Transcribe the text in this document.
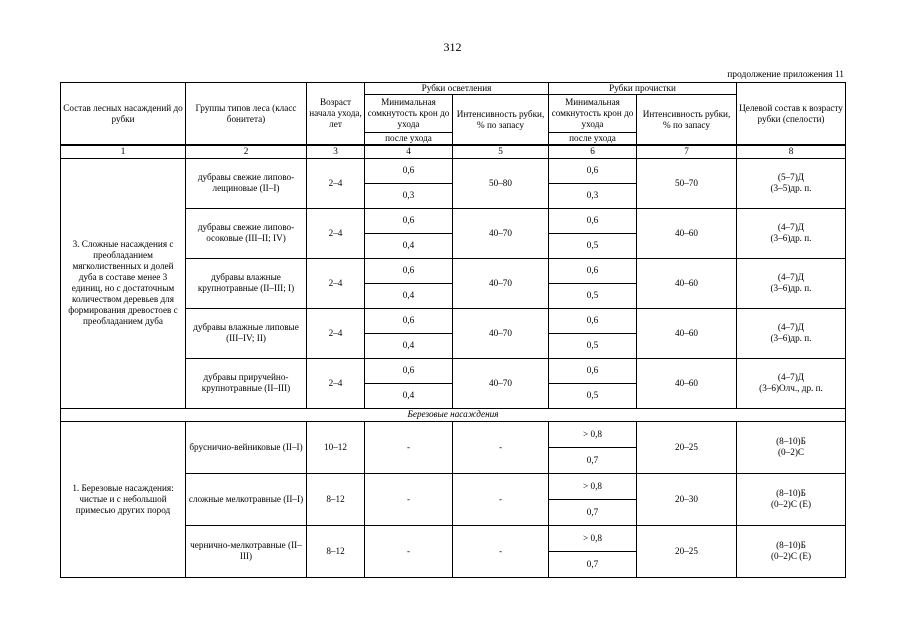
312
продолжение приложения 11
Состав лесных насаждений до рубки	Группы типов леса (класс бонитета)	Возраст начала ухода, лет	Рубки осветления		Рубки прочистки		Целевой состав к возрасту рубки (спелости)
			Минимальная сомкнутость крон до ухода	Интенсивность рубки, % по запасу	Минимальная сомкнутость крон до ухода	Интенсивность рубки, % по запасу	
			после ухода		после ухода		
1	2	3	4	5	6	7	8
3. Сложные насаждения с преобладанием мягколиственных и долей дуба в составе менее 3 единиц, но с достаточным количеством деревьев для формирования древостоев с преобладанием дуба	дубравы свежие липово-лещиновые (II–I)	2–4	0,6	50–80	0,6	50–70	(5–7)Д
(3–5)др. п.
			0,3		0,3		
	дубравы свежие липово-осоковые (III–II; IV)	2–4	0,6	40–70	0,6	40–60	(4–7)Д
(3–6)др. п.
			0,4		0,5		
	дубравы влажные крупнотравные (II–III; I)	2–4	0,6	40–70	0,6	40–60	(4–7)Д
(3–6)др. п.
			0,4		0,5		
	дубравы влажные липовые (III–IV; II)	2–4	0,6	40–70	0,6	40–60	(4–7)Д
(3–6)др. п.
			0,4		0,5		
	дубравы приручейно-крупнотравные (II–III)	2–4	0,6	40–70	0,6	40–60	(4–7)Д
(3–6)Олч., др. п.
			0,4		0,5		
Березовые насаждения							
1. Березовые насаждения: чистые и с небольшой примесью других пород	брусничио-вейниковые (II–I)	10–12	-	-	> 0,8	20–25	(8–10)Б
(0–2)С
					0,7		
	сложные мелкотравные (II–I)	8–12	-	-	> 0,8	20–30	(8–10)Б
(0–2)С (Е)
					0,7		
	чернично-мелкотравные (II–III)	8–12	-	-	> 0,8	20–25	(8–10)Б
(0–2)С (Е)
					0,7		
